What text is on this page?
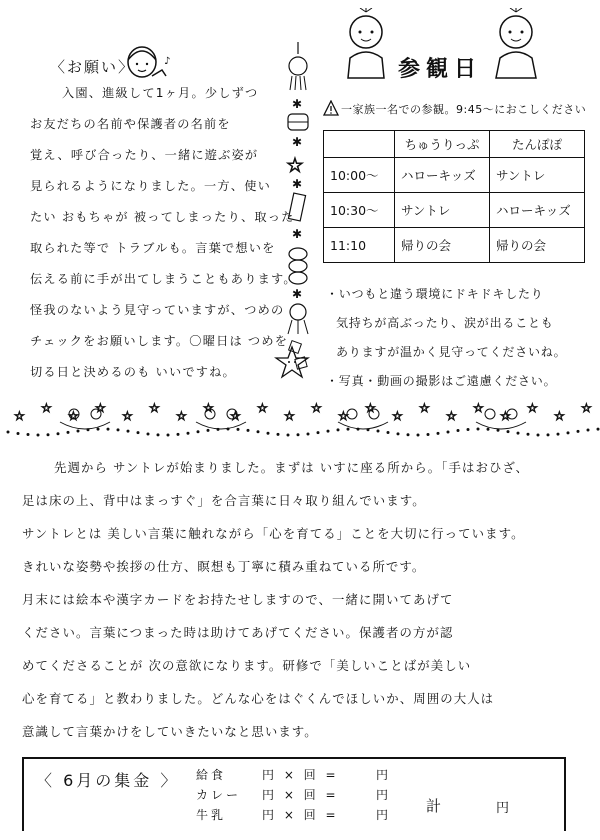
〈お願い〉	♪
入園、進級して1ヶ月。少しずつ
お友だちの名前や保護者の名前を
覚え、呼び合ったり、一緒に遊ぶ姿が
見られるようになりました。一方、使い
たい おもちゃが 被ってしまったり、取った
取られた等で トラブルも。言葉で想いを
伝える前に手が出てしまうこともあります。
怪我のないよう見守っていますが、つめの
チェックをお願いします。〇曜日は つめを
切る日と決めるのも いいですね。
✱
✱
☆
✱
✱
✱
参観日
一家族一名での参観。9:45～におこしください
	ちゅうりっぷ	たんぽぽ
10:00～	ハローキッズ	サントレ
10:30～	サントレ	ハローキッズ
11:10	帰りの会	帰りの会
・いつもと違う環境にドキドキしたり
気持ちが高ぶったり、涙が出ることも
ありますが温かく見守ってくださいね。
・写真・動画の撮影はご遠慮ください。
☆
☆
☆
☆
☆
☆
☆
☆
☆
☆
☆
☆
☆
☆
☆
☆
☆
☆
☆
☆
☆
☆
先週から サントレが始まりました。まずは いすに座る所から。「手はおひざ、
足は床の上、背中はまっすぐ」を合言葉に日々取り組んでいます。
サントレとは 美しい言葉に触れながら「心を育てる」ことを大切に行っています。
きれいな姿勢や挨拶の仕方、瞑想も丁寧に積み重ねている所です。
月末には絵本や漢字カードをお持たせしますので、一緒に開いてあげて
ください。言葉につまった時は助けてあげてください。保護者の方が認
めてくださることが 次の意欲になります。研修で「美しいことばが美しい
心を育てる」と教わりました。どんな心をはぐくんでほしいか、周囲の大人は
意識して言葉かけをしていきたいなと思います。
〈 6月の集金 〉 給食	円 × 回 =	円
カレー 円 × 回 =	円
牛乳	円 × 回 =	円 計	円
